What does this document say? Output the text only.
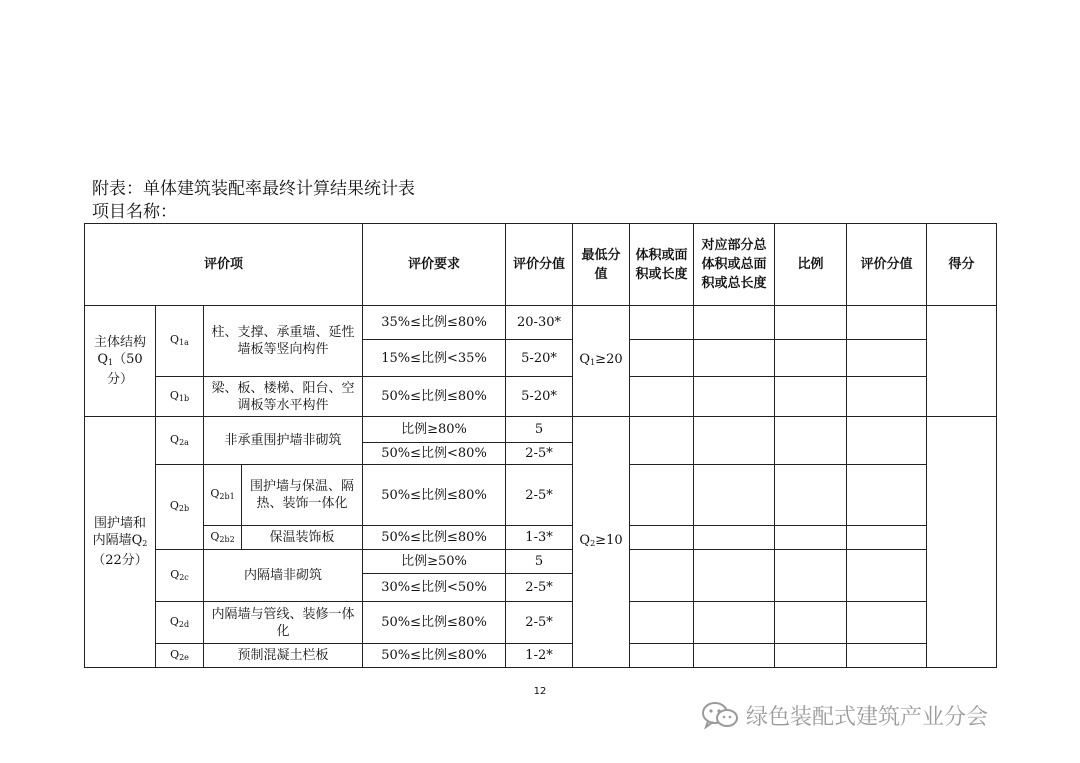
附表：单体建筑装配率最终计算结果统计表
项目名称：
评价项				评价要求	评价分值	最低分值	体积或面积或长度	对应部分总体积或总面积或总长度	比例	评价分值	得分
主体结构$Q_1(50$分）	$Q_{1a}$	柱、支撑、承重墙、延性墙板等竖向构件		35%≤比例≤80%	20-30*	$Q_1\ge 20$					
				15%≤比例<35%	5-20*						
	$Q_{1b}$	梁、板、楼梯、阳台、空调板等水平构件		50%≤比例≤80%	5-20*						
围护墙和内隔墙$Q_2(22$分）	$Q_{2a}$	非承重围护墙非砌筑		比例≥80%	5	$Q_2\ge 10$					
				50%≤比例<80%	2-5*						
	$Q_{2b}$	$Q_{2b1}$	围护墙与保温、隔热、装饰一体化	50%≤比例≤80%	2-5*						
		$Q_{2b2}$	保温装饰板	50%≤比例≤80%	1-3*						
	$Q_{2c}$	内隔墙非砌筑		比例≥50%	5						
				30%≤比例<50%	2-5*						
	$Q_{2d}$	内隔墙与管线、装修一体化		50%≤比例≤80%	2-5*						
	$Q_{2e}$	预制混凝土栏板		50%≤比例≤80%	1-2*						
12
绿色装配式建筑产业分会
